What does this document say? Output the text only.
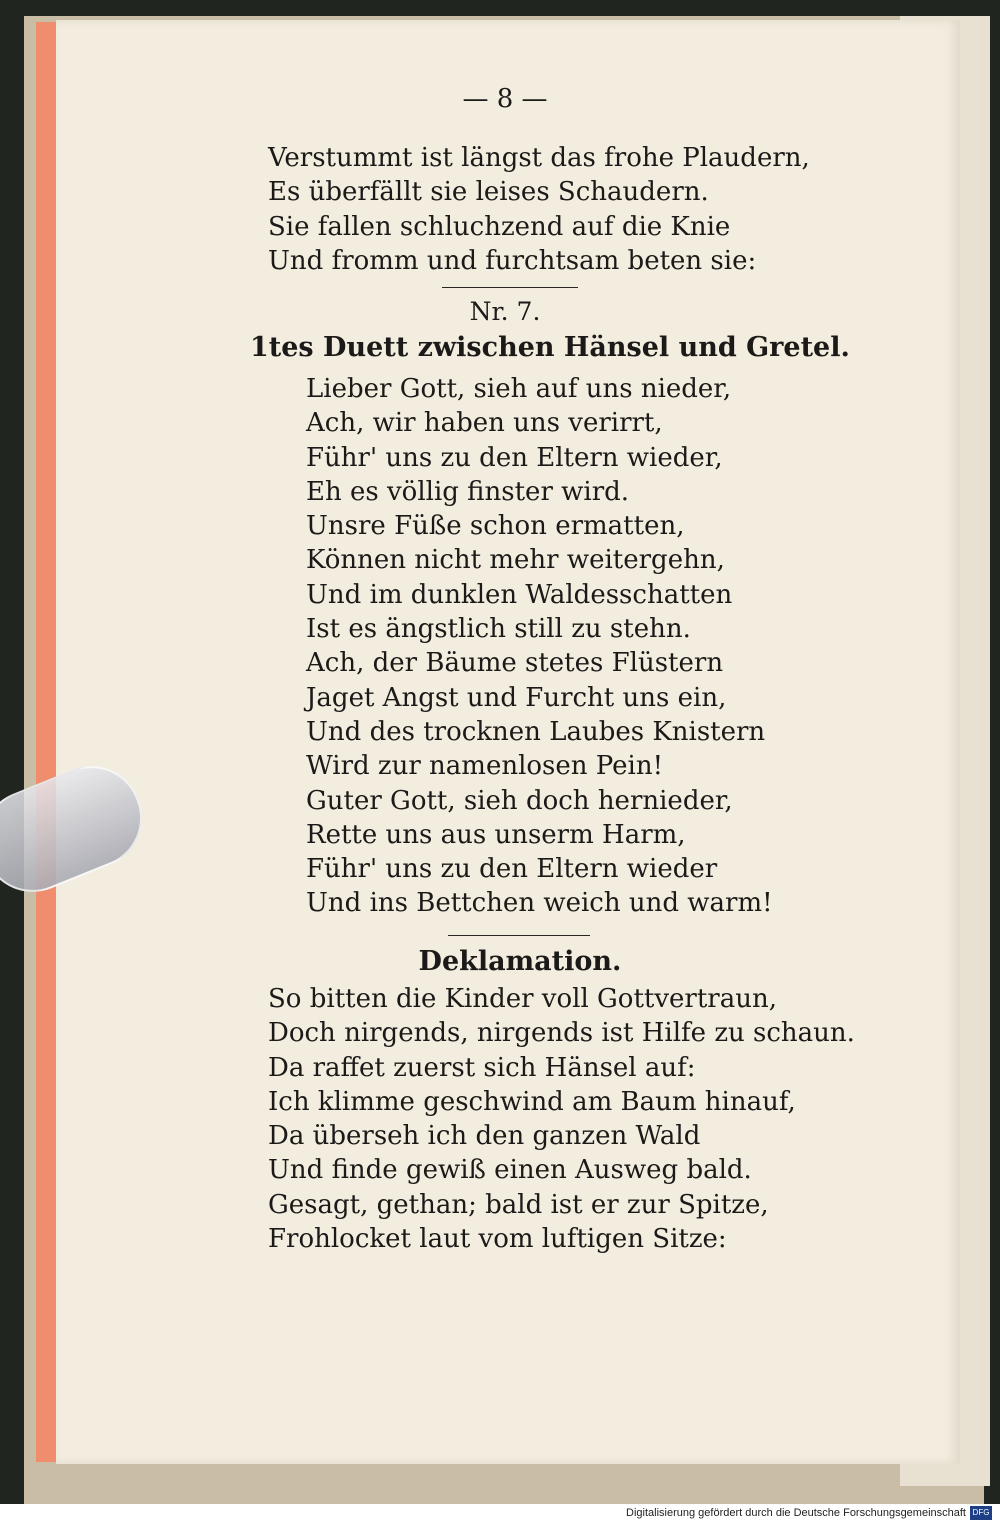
— 8 —
Verstummt ist längst das frohe Plaudern,
Es überfällt sie leises Schaudern.
Sie fallen schluchzend auf die Knie
Und fromm und furchtsam beten sie:
Nr. 7.
1tes Duett zwischen Hänsel und Gretel.
Lieber Gott, sieh auf uns nieder,
Ach, wir haben uns verirrt,
Führ' uns zu den Eltern wieder,
Eh es völlig finster wird.
Unsre Füße schon ermatten,
Können nicht mehr weitergehn,
Und im dunklen Waldesschatten
Ist es ängstlich still zu stehn.
Ach, der Bäume stetes Flüstern
Jaget Angst und Furcht uns ein,
Und des trocknen Laubes Knistern
Wird zur namenlosen Pein!
Guter Gott, sieh doch hernieder,
Rette uns aus unserm Harm,
Führ' uns zu den Eltern wieder
Und ins Bettchen weich und warm!
Deklamation.
So bitten die Kinder voll Gottvertraun,
Doch nirgends, nirgends ist Hilfe zu schaun.
Da raffet zuerst sich Hänsel auf:
Ich klimme geschwind am Baum hinauf,
Da überseh ich den ganzen Wald
Und finde gewiß einen Ausweg bald.
Gesagt, gethan; bald ist er zur Spitze,
Frohlocket laut vom luftigen Sitze:
Digitalisierung gefördert durch die Deutsche Forschungsgemeinschaft DFG
